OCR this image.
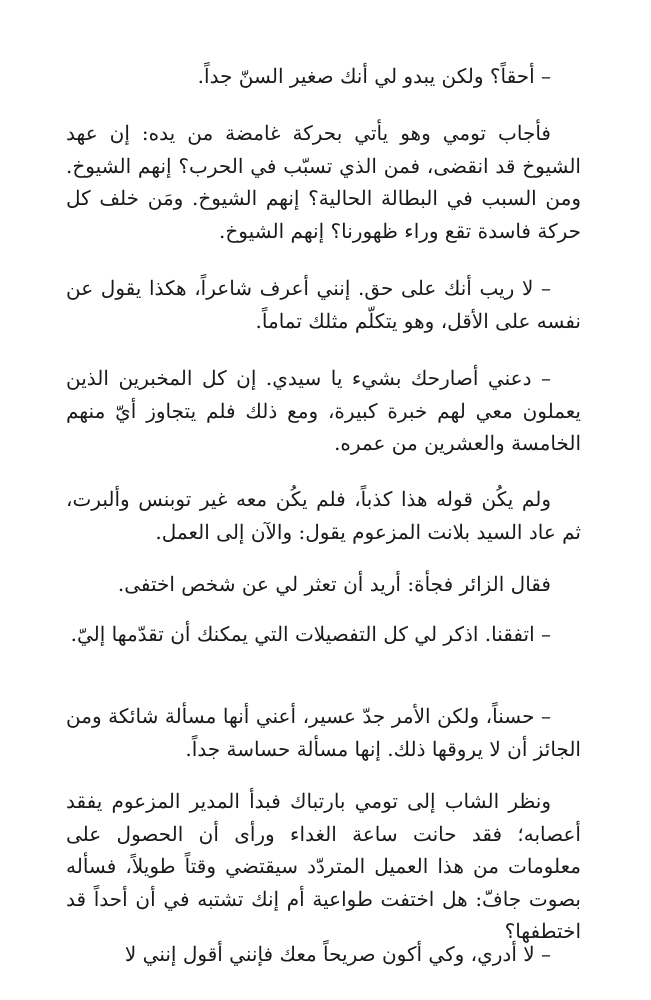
– أحقاً؟ ولكن يبدو لي أنك صغير السنّ جداً.

فأجاب تومي وهو يأتي بحركة غامضة من يده: إن عهد الشيوخ قد انقضى، فمن الذي تسبّب في الحرب؟ إنهم الشيوخ. ومن السبب في البطالة الحالية؟ إنهم الشيوخ. ومَن خلف كل حركة فاسدة تقع وراء ظهورنا؟ إنهم الشيوخ.

– لا ريب أنك على حق. إنني أعرف شاعراً، هكذا يقول عن نفسه على الأقل، وهو يتكلّم مثلك تماماً.

– دعني أصارحك بشيء يا سيدي. إن كل المخبرين الذين يعملون معي لهم خبرة كبيرة، ومع ذلك فلم يتجاوز أيّ منهم الخامسة والعشرين من عمره.

ولم يكُن قوله هذا كذباً، فلم يكُن معه غير توبنس وألبرت، ثم عاد السيد بلانت المزعوم يقول: والآن إلى العمل.

فقال الزائر فجأة: أريد أن تعثر لي عن شخص اختفى.

– اتفقنا. اذكر لي كل التفصيلات التي يمكنك أن تقدّمها إليّ.

– حسناً، ولكن الأمر جدّ عسير، أعني أنها مسألة شائكة ومن الجائز أن لا يروقها ذلك. إنها مسألة حساسة جداً.

ونظر الشاب إلى تومي بارتباك فبدأ المدير المزعوم يفقد أعصابه؛ فقد حانت ساعة الغداء ورأى أن الحصول على معلومات من هذا العميل المتردّد سيقتضي وقتاً طويلاً، فسأله بصوت جافّ: هل اختفت طواعية أم إنك تشتبه في أن أحداً قد اختطفها؟

– لا أدري، وكي أكون صريحاً معك فإنني أقول إنني لا
